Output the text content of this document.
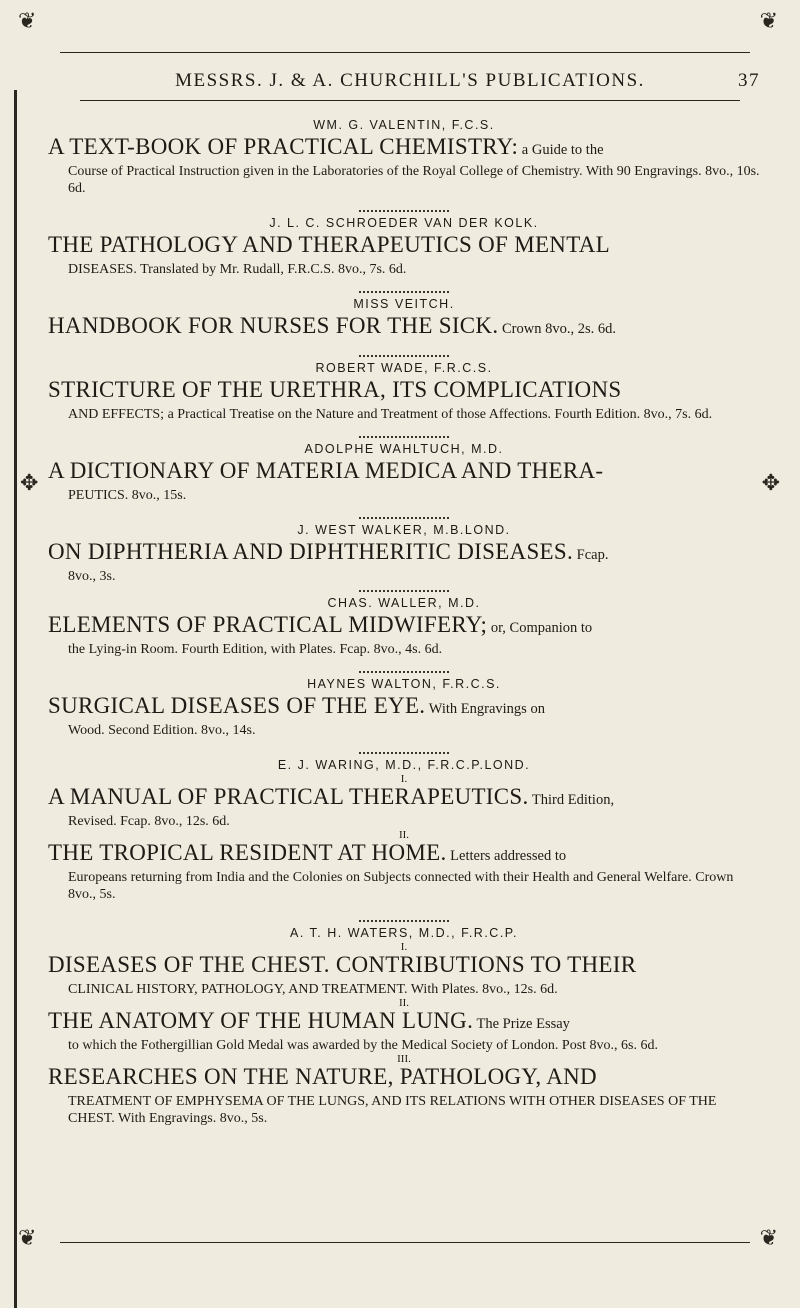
❦	❦
❦	❦
✥	✥
MESSRS. J. & A. CHURCHILL'S PUBLICATIONS.	37
WM. G. VALENTIN, F.C.S.
A TEXT-BOOK OF PRACTICAL CHEMISTRY: a Guide to the
Course of Practical Instruction given in the Laboratories of the Royal College of Chemistry. With 90 Engravings. 8vo., 10s. 6d.
J. L. C. SCHROEDER VAN DER KOLK.
THE PATHOLOGY AND THERAPEUTICS OF MENTAL
DISEASES. Translated by Mr. Rudall, F.R.C.S. 8vo., 7s. 6d.
MISS VEITCH.
HANDBOOK FOR NURSES FOR THE SICK. Crown 8vo., 2s. 6d.
ROBERT WADE, F.R.C.S.
STRICTURE OF THE URETHRA, ITS COMPLICATIONS
AND EFFECTS; a Practical Treatise on the Nature and Treatment of those Affections. Fourth Edition. 8vo., 7s. 6d.
ADOLPHE WAHLTUCH, M.D.
A DICTIONARY OF MATERIA MEDICA AND THERA-
PEUTICS. 8vo., 15s.
J. WEST WALKER, M.B.LOND.
ON DIPHTHERIA AND DIPHTHERITIC DISEASES. Fcap.
8vo., 3s.
CHAS. WALLER, M.D.
ELEMENTS OF PRACTICAL MIDWIFERY; or, Companion to
the Lying-in Room. Fourth Edition, with Plates. Fcap. 8vo., 4s. 6d.
HAYNES WALTON, F.R.C.S.
SURGICAL DISEASES OF THE EYE. With Engravings on
Wood. Second Edition. 8vo., 14s.
E. J. WARING, M.D., F.R.C.P.LOND.
I.
A MANUAL OF PRACTICAL THERAPEUTICS. Third Edition,
Revised. Fcap. 8vo., 12s. 6d.
II.
THE TROPICAL RESIDENT AT HOME. Letters addressed to
Europeans returning from India and the Colonies on Subjects connected with their Health and General Welfare. Crown 8vo., 5s.
A. T. H. WATERS, M.D., F.R.C.P.
I.
DISEASES OF THE CHEST. CONTRIBUTIONS TO THEIR
CLINICAL HISTORY, PATHOLOGY, AND TREATMENT. With Plates. 8vo., 12s. 6d.
II.
THE ANATOMY OF THE HUMAN LUNG. The Prize Essay
to which the Fothergillian Gold Medal was awarded by the Medical Society of London. Post 8vo., 6s. 6d.
III.
RESEARCHES ON THE NATURE, PATHOLOGY, AND
TREATMENT OF EMPHYSEMA OF THE LUNGS, AND ITS RELATIONS WITH OTHER DISEASES OF THE CHEST. With Engravings. 8vo., 5s.
